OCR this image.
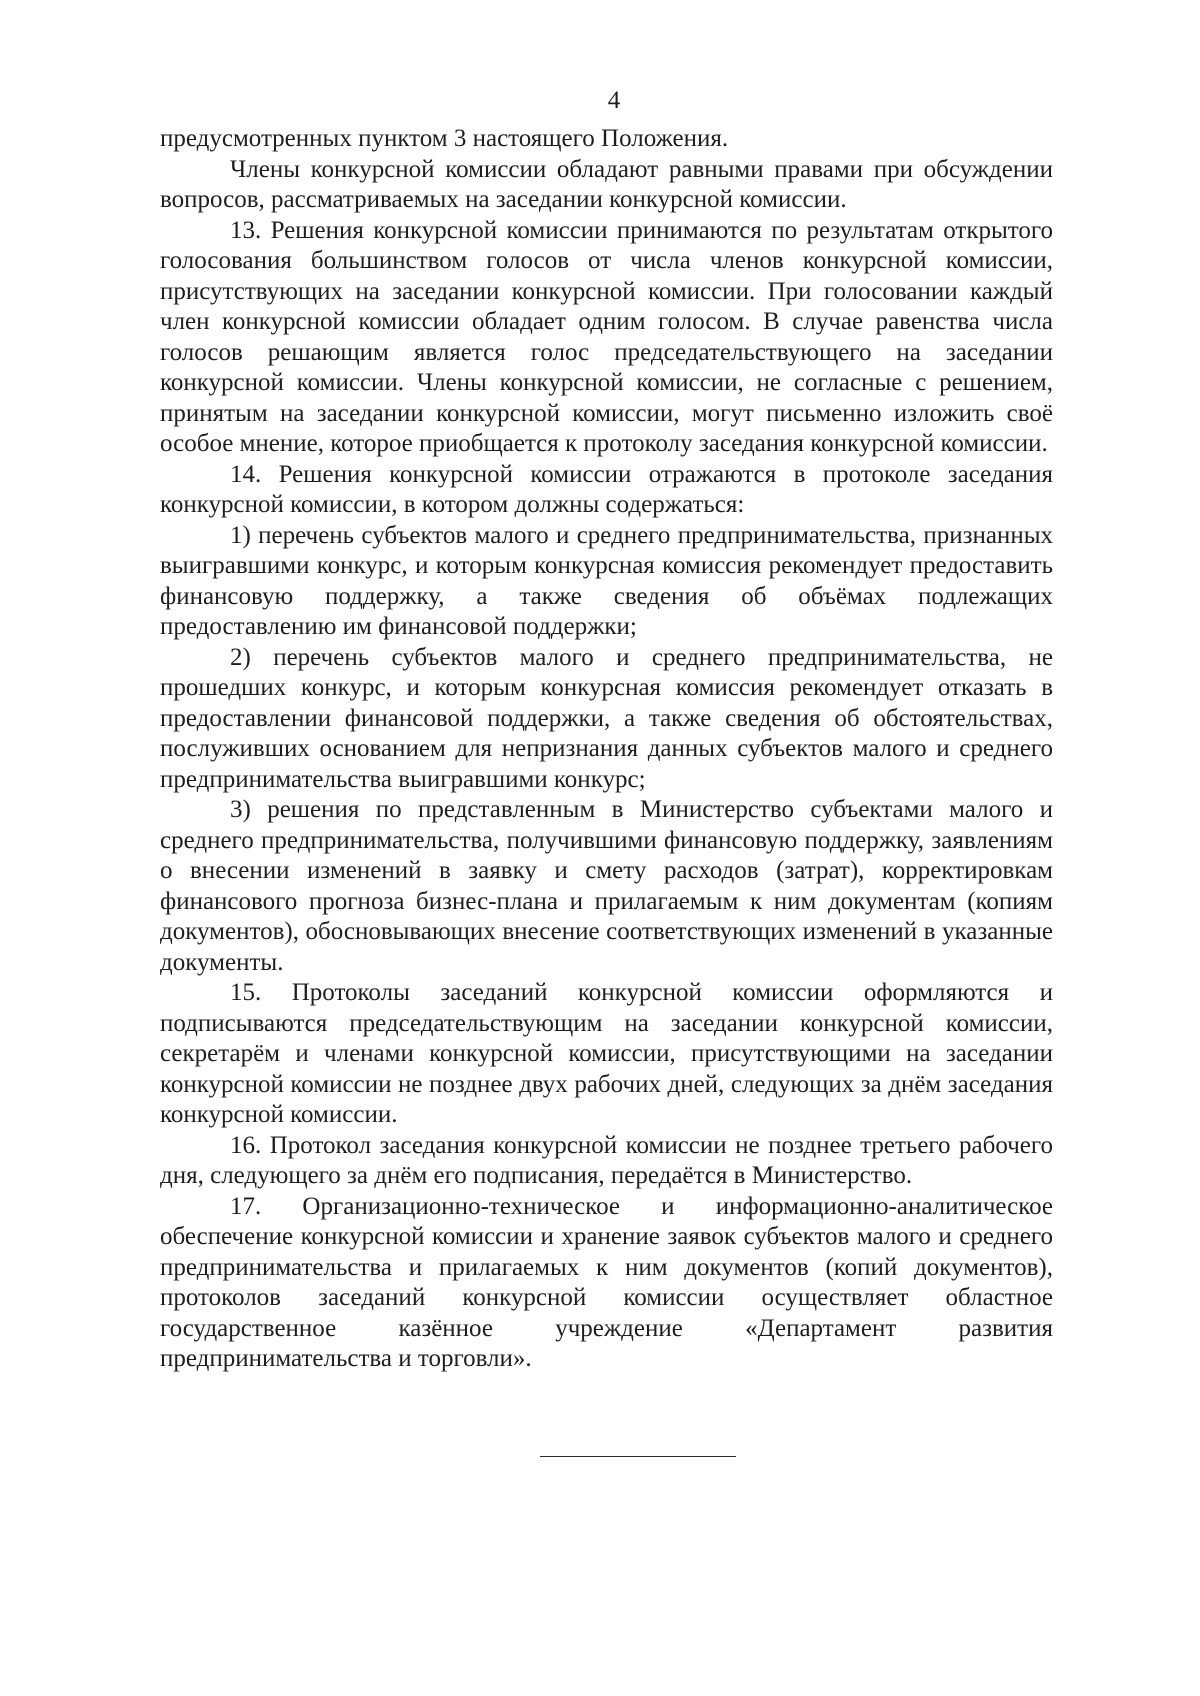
4

предусмотренных пунктом 3 настоящего Положения.

Члены конкурсной комиссии обладают равными правами при обсуждении вопросов, рассматриваемых на заседании конкурсной комиссии.

13. Решения конкурсной комиссии принимаются по результатам открытого голосования большинством голосов от числа членов конкурсной комиссии, присутствующих на заседании конкурсной комиссии. При голосовании каждый член конкурсной комиссии обладает одним голосом. В случае равенства числа голосов решающим является голос председательствующего на заседании конкурсной комиссии. Члены конкурсной комиссии, не согласные с решением, принятым на заседании конкурсной комиссии, могут письменно изложить своё особое мнение, которое приобщается к протоколу заседания конкурсной комиссии.

14. Решения конкурсной комиссии отражаются в протоколе заседания конкурсной комиссии, в котором должны содержаться:

1) перечень субъектов малого и среднего предпринимательства, признанных выигравшими конкурс, и которым конкурсная комиссия рекомендует предоставить финансовую поддержку, а также сведения об объёмах подлежащих предоставлению им финансовой поддержки;

2) перечень субъектов малого и среднего предпринимательства, не прошедших конкурс, и которым конкурсная комиссия рекомендует отказать в предоставлении финансовой поддержки, а также сведения об обстоятельствах, послуживших основанием для непризнания данных субъектов малого и среднего предпринимательства выигравшими конкурс;

3) решения по представленным в Министерство субъектами малого и среднего предпринимательства, получившими финансовую поддержку, заявлениям о внесении изменений в заявку и смету расходов (затрат), корректировкам финансового прогноза бизнес-плана и прилагаемым к ним документам (копиям документов), обосновывающих внесение соответствующих изменений в указанные документы.

15. Протоколы заседаний конкурсной комиссии оформляются и подписываются председательствующим на заседании конкурсной комиссии, секретарём и членами конкурсной комиссии, присутствующими на заседании конкурсной комиссии не позднее двух рабочих дней, следующих за днём заседания конкурсной комиссии.

16. Протокол заседания конкурсной комиссии не позднее третьего рабочего дня, следующего за днём его подписания, передаётся в Министерство.

17. Организационно-техническое и информационно-аналитическое обеспечение конкурсной комиссии и хранение заявок субъектов малого и среднего предпринимательства и прилагаемых к ним документов (копий документов), протоколов заседаний конкурсной комиссии осуществляет областное государственное казённое учреждение «Департамент развития предпринимательства и торговли».
